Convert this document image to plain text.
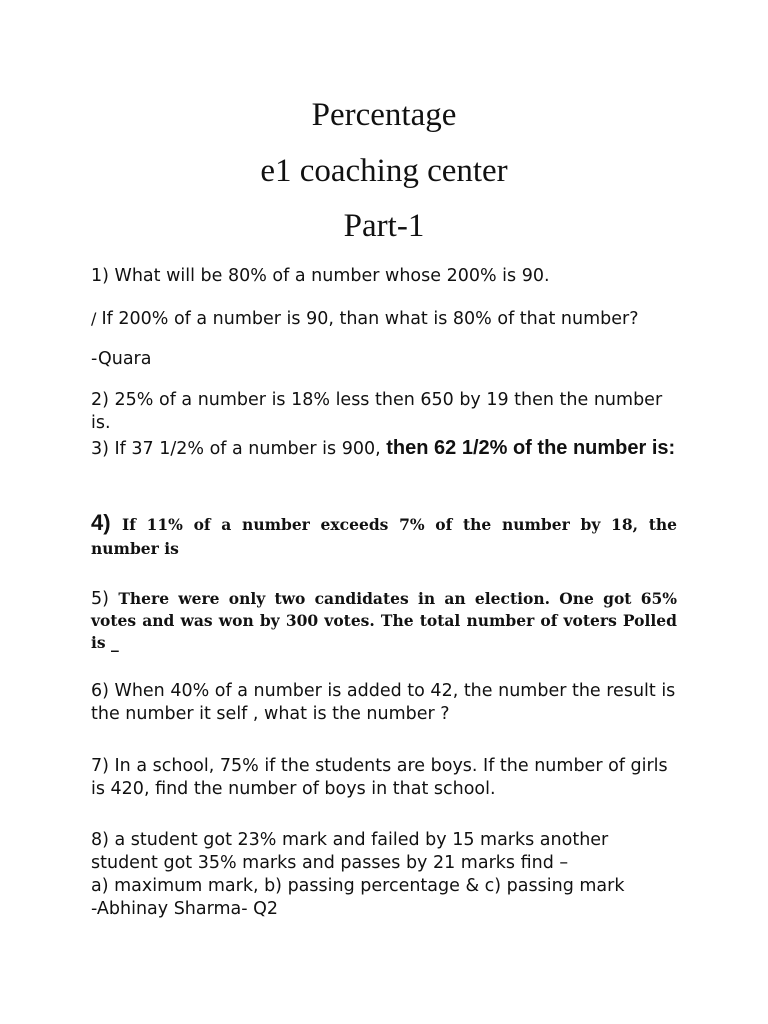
Percentage
e1 coaching center
Part-1
1) What will be 80% of a number whose 200% is 90.
/ If 200% of a number is 90, than what is 80% of that number?
-Quara
2) 25% of a number is 18% less then 650 by 19 then the number is.
3) If 37 1/2% of a number is 900, then 62 1/2% of the number is:
4) If 11% of a number exceeds 7% of the number by 18, the number is
5) There were only two candidates in an election. One got 65% votes and was won by 300 votes. The total number of voters Polled is _
6) When 40% of a number is added to 42, the number the result is the number it self , what is the number ?
7) In a school, 75% if the students are boys. If the number of girls is 420, find the number of boys in that school.
8) a student got 23% mark and failed by 15 marks another student got 35% marks and passes by 21 marks find –
a) maximum mark, b) passing percentage & c) passing mark
-Abhinay Sharma- Q2
